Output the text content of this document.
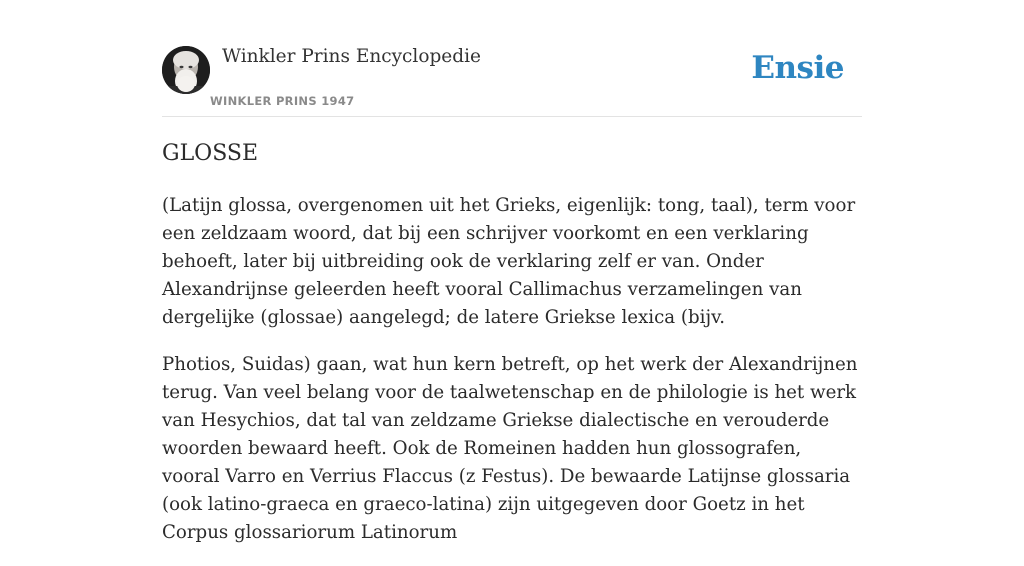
Winkler Prins Encyclopedie
WINKLER PRINS 1947
Ensie
GLOSSE

(Latijn glossa, overgenomen uit het Grieks, eigenlijk: tong, taal), term voor een zeldzaam woord, dat bij een schrijver voorkomt en een verklaring behoeft, later bij uitbreiding ook de verklaring zelf er van. Onder Alexandrijnse geleerden heeft vooral Callimachus verzamelingen van dergelijke (glossae) aangelegd; de latere Griekse lexica (bijv.

Photios, Suidas) gaan, wat hun kern betreft, op het werk der Alexandrijnen terug. Van veel belang voor de taalwetenschap en de philologie is het werk van Hesychios, dat tal van zeldzame Griekse dialectische en verouderde woorden bewaard heeft. Ook de Romeinen hadden hun glossografen, vooral Varro en Verrius Flaccus (z Festus). De bewaarde Latijnse glossaria (ook latino-graeca en graeco-latina) zijn uitgegeven door Goetz in het Corpus glossariorum Latinorum
